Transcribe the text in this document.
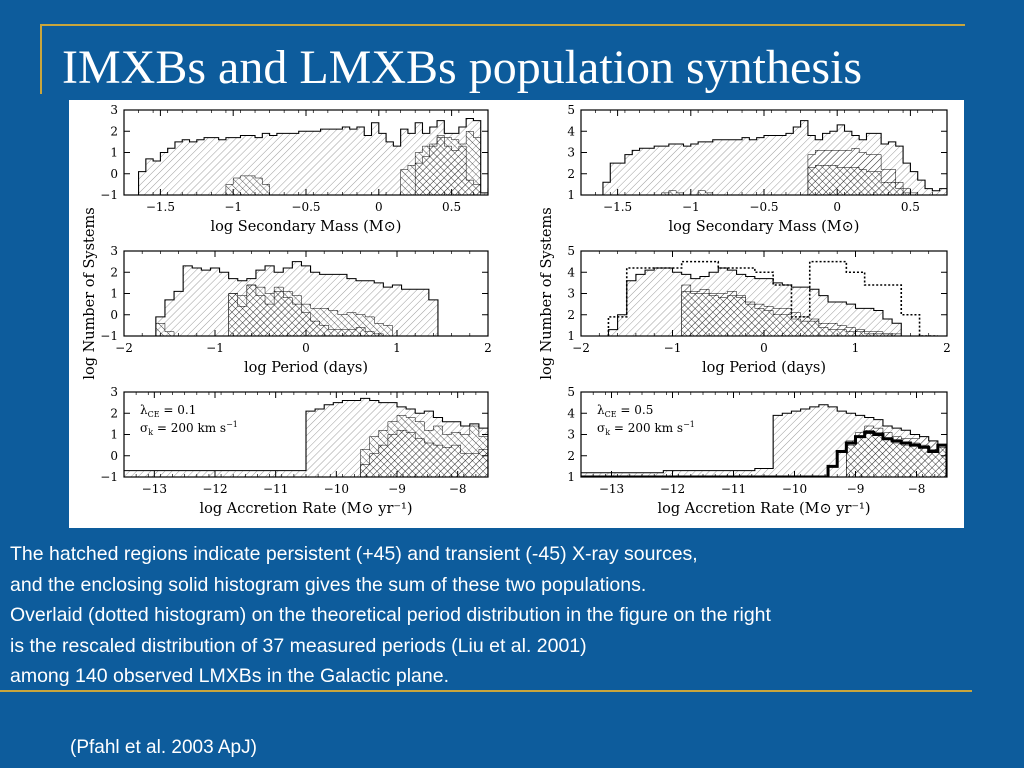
IMXBs and LMXBs population synthesis
−1.5	−1	−0.5	0	0.5
−1
0
1
2
3
log Secondary Mass (M⊙)
−2	−1	0	1	2
−1
0
1
2
3
log Period (days)
−13	−12	−11	−10	−9	−8
−1
0
1
2
3
log Accretion Rate (M⊙ yr⁻¹)
log Number of Systems
$\lambda_{CE} = 0.1$
$\sigma_k = 200$ km $s^{-1}$
−1.5	−1	−0.5	0	0.5
1
2
3
4
5
log Secondary Mass (M⊙)
−2	−1	0	1	2
1
2
3
4
5
log Period (days)
−13	−12	−11	−10	−9	−8
1
2
3
4
5
log Accretion Rate (M⊙ yr⁻¹)
log Number of Systems
$\lambda_{CE} = 0.5$
$\sigma_k = 200$ km $s^{-1}$
The hatched regions indicate persistent (+45) and transient (-45) X-ray sources,
and the enclosing solid histogram gives the sum of these two populations.
Overlaid (dotted histogram) on the theoretical period distribution in the figure on the right
is the rescaled distribution of 37 measured periods (Liu et al. 2001)
among 140 observed LMXBs in the Galactic plane.
(Pfahl et al. 2003 ApJ)
